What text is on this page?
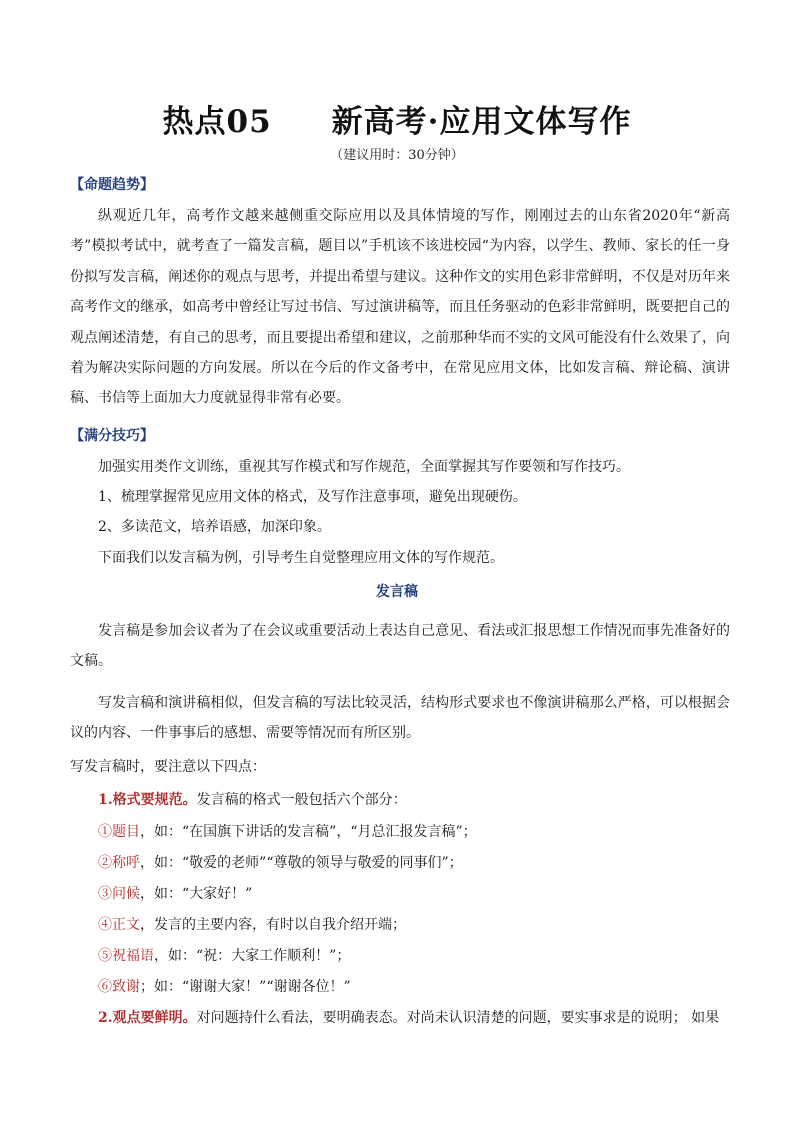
热点05 新高考·应用文体写作
（建议用时：30分钟）
【命题趋势】
纵观近几年，高考作文越来越侧重交际应用以及具体情境的写作，刚刚过去的山东省2020年“新高考”模拟考试中，就考查了一篇发言稿，题目以”手机该不该进校园“为内容，以学生、教师、家长的任一身份拟写发言稿，阐述你的观点与思考，并提出希望与建议。这种作文的实用色彩非常鲜明，不仅是对历年来高考作文的继承，如高考中曾经让写过书信、写过演讲稿等，而且任务驱动的色彩非常鲜明，既要把自己的观点阐述清楚，有自己的思考，而且要提出希望和建议，之前那种华而不实的文风可能没有什么效果了，向着为解决实际问题的方向发展。所以在今后的作文备考中，在常见应用文体，比如发言稿、辩论稿、演讲稿、书信等上面加大力度就显得非常有必要。
【满分技巧】
加强实用类作文训练，重视其写作模式和写作规范，全面掌握其写作要领和写作技巧。
1、梳理掌握常见应用文体的格式，及写作注意事项，避免出现硬伤。
2、多读范文，培养语感，加深印象。
下面我们以发言稿为例，引导考生自觉整理应用文体的写作规范。
发言稿
发言稿是参加会议者为了在会议或重要活动上表达自己意见、看法或汇报思想工作情况而事先准备好的文稿。
写发言稿和演讲稿相似，但发言稿的写法比较灵活，结构形式要求也不像演讲稿那么严格，可以根据会议的内容、一件事事后的感想、需要等情况而有所区别。
写发言稿时，要注意以下四点：
1.格式要规范。发言稿的格式一般包括六个部分：
①题目，如：“在国旗下讲话的发言稿”，“月总汇报发言稿”；
②称呼，如：“敬爱的老师”“尊敬的领导与敬爱的同事们”；
③问候，如：“大家好！”
④正文，发言的主要内容，有时以自我介绍开端；
⑤祝福语，如：“祝：大家工作顺利！”；
⑥致谢；如：“谢谢大家！”“谢谢各位！”
2.观点要鲜明。对问题持什么看法，要明确表态。对尚未认识清楚的问题，要实事求是的说明； 如果
